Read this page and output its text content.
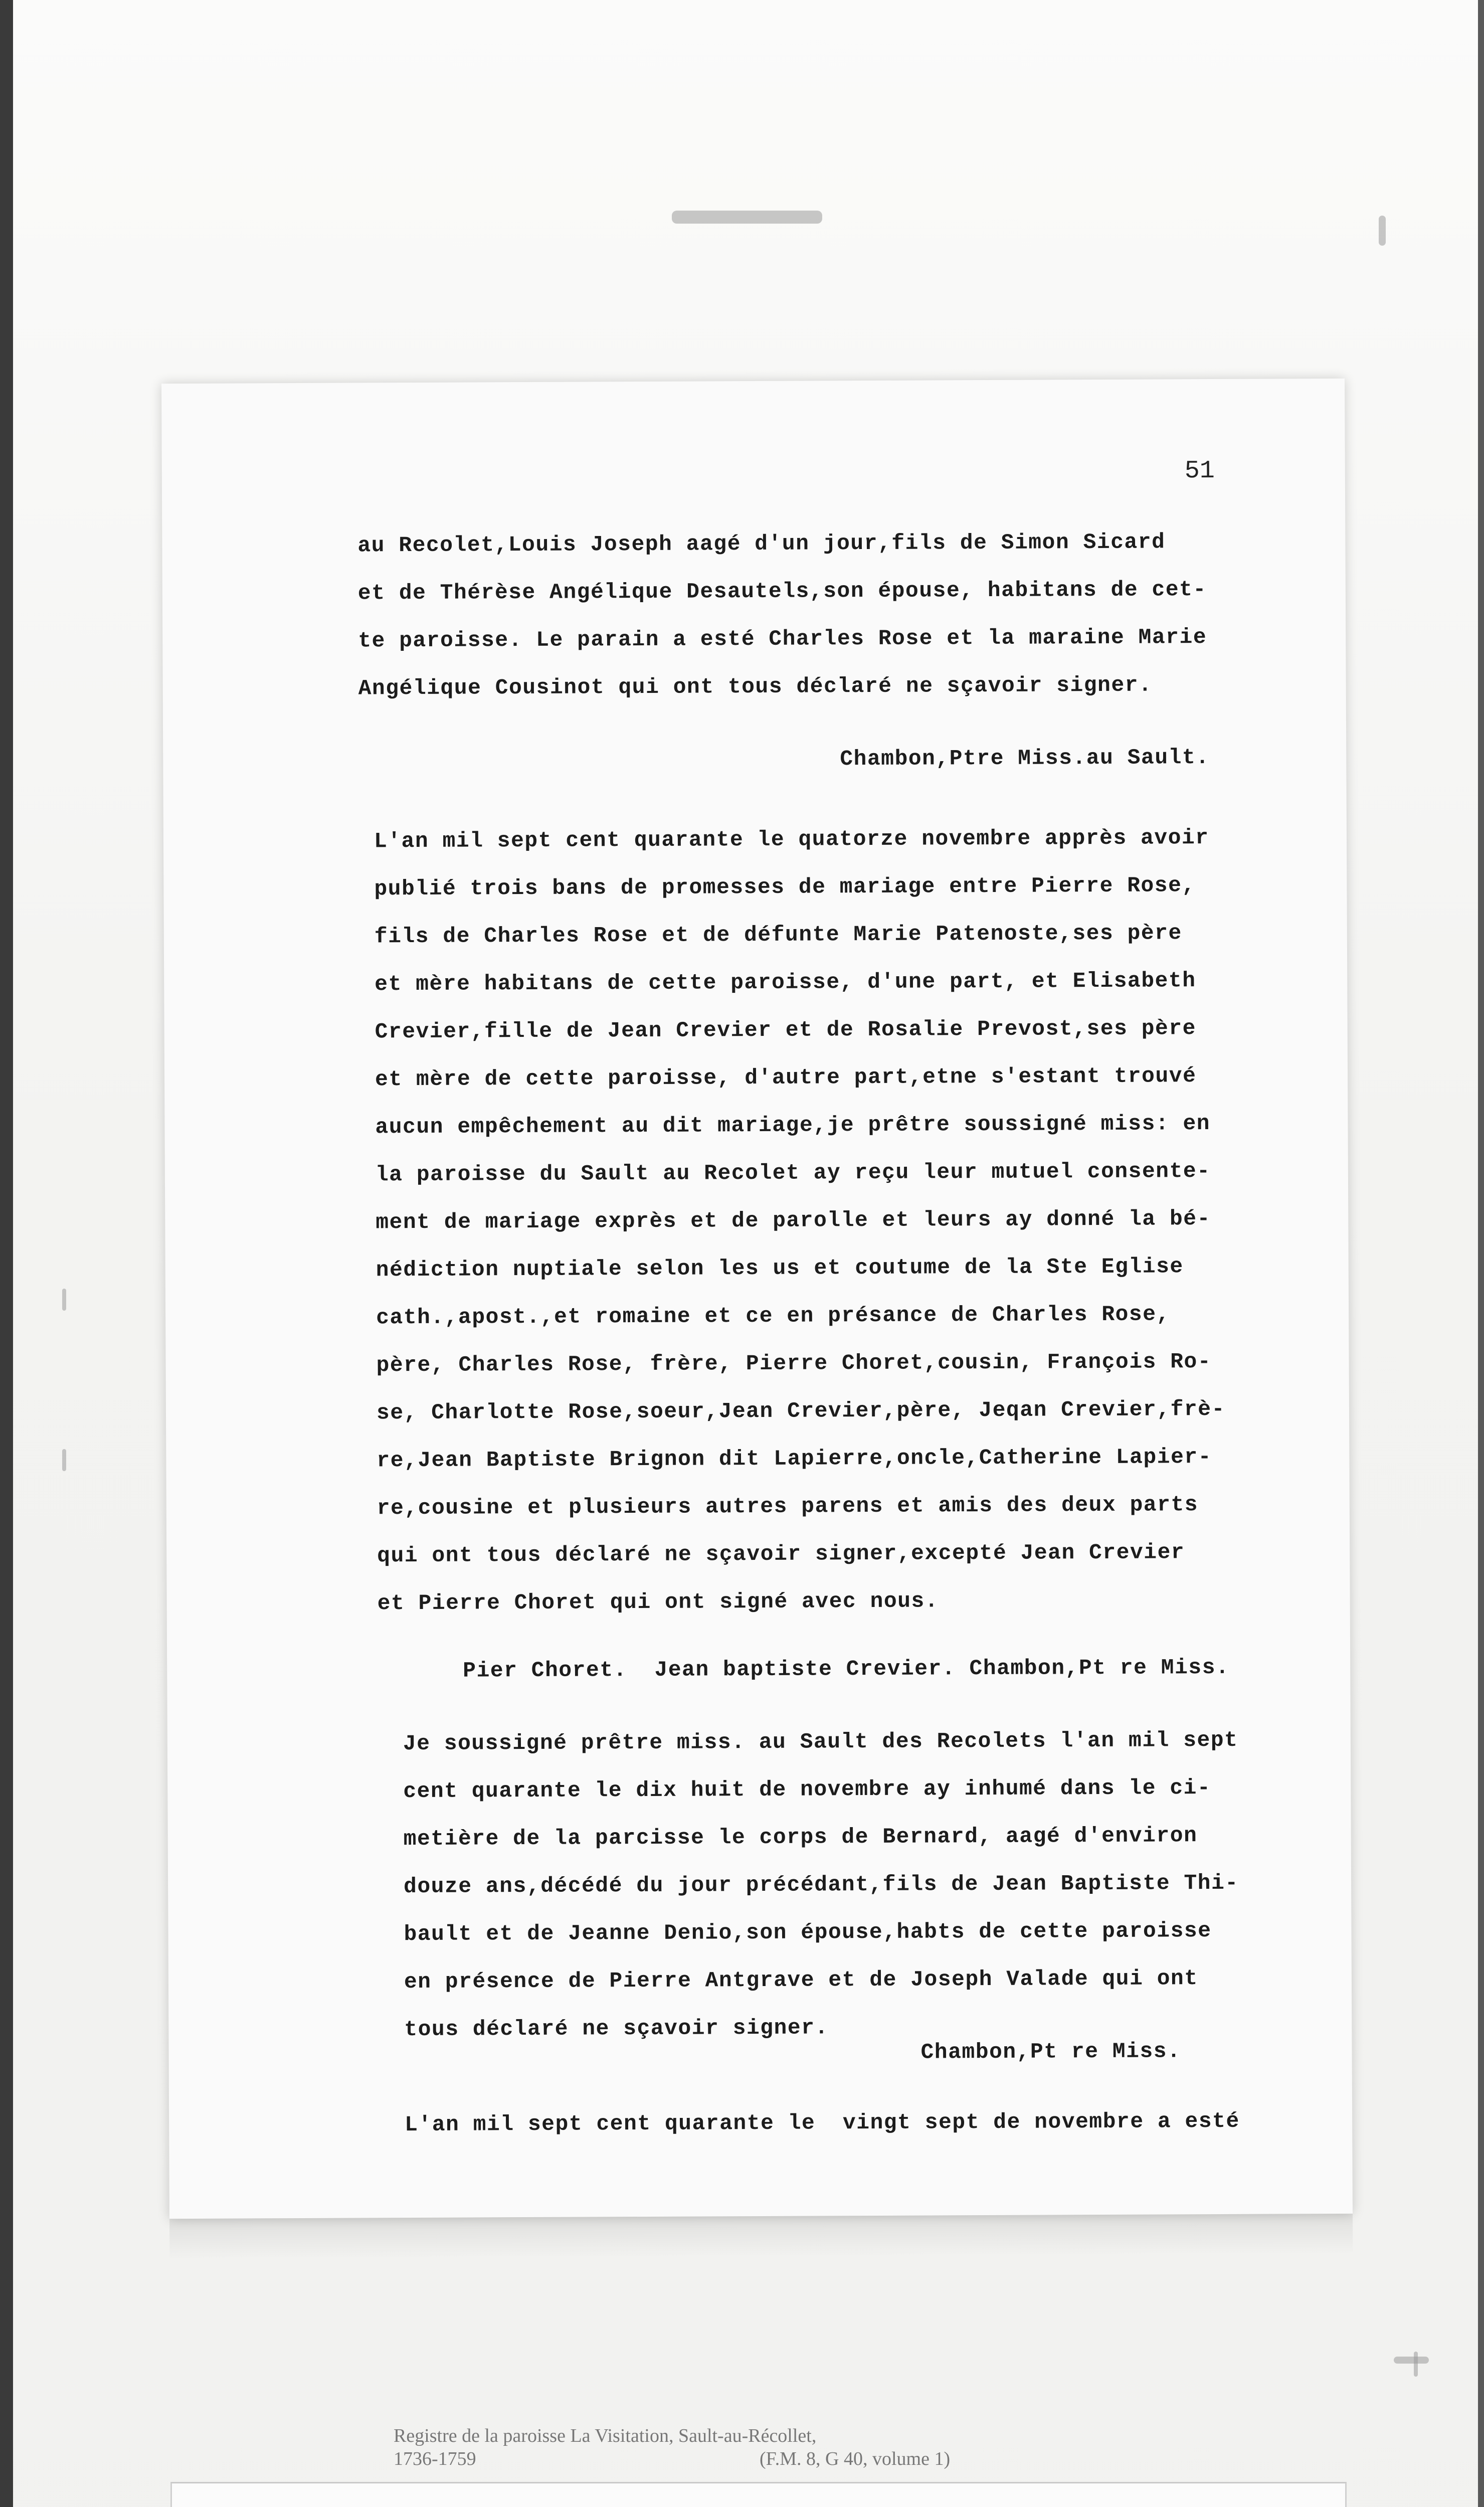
51
au Recolet,Louis Joseph aagé d'un jour,fils de Simon Sicard
et de Thérèse Angélique Desautels,son épouse, habitans de cet-
te paroisse. Le parain a esté Charles Rose et la maraine Marie
Angélique Cousinot qui ont tous déclaré ne sçavoir signer.
Chambon,Ptre Miss.au Sault.
L'an mil sept cent quarante le quatorze novembre apprès avoir
publié trois bans de promesses de mariage entre Pierre Rose,
fils de Charles Rose et de défunte Marie Patenoste,ses père
et mère habitans de cette paroisse, d'une part, et Elisabeth
Crevier,fille de Jean Crevier et de Rosalie Prevost,ses père
et mère de cette paroisse, d'autre part,etne s'estant trouvé
aucun empêchement au dit mariage,je prêtre soussigné miss: en
la paroisse du Sault au Recolet ay reçu leur mutuel consente-
ment de mariage exprès et de parolle et leurs ay donné la bé-
nédiction nuptiale selon les us et coutume de la Ste Eglise
cath.,apost.,et romaine et ce en présance de Charles Rose,
père, Charles Rose, frère, Pierre Choret,cousin, François Ro-
se, Charlotte Rose,soeur,Jean Crevier,père, Jeqan Crevier,frè-
re,Jean Baptiste Brignon dit Lapierre,oncle,Catherine Lapier-
re,cousine et plusieurs autres parens et amis des deux parts
qui ont tous déclaré ne sçavoir signer,excepté Jean Crevier
et Pierre Choret qui ont signé avec nous.
Pier Choret.  Jean baptiste Crevier. Chambon,Pt re Miss.
Je soussigné prêtre miss. au Sault des Recolets l'an mil sept
cent quarante le dix huit de novembre ay inhumé dans le ci-
metière de la parcisse le corps de Bernard, aagé d'environ
douze ans,décédé du jour précédant,fils de Jean Baptiste Thi-
bault et de Jeanne Denio,son épouse,habts de cette paroisse
en présence de Pierre Antgrave et de Joseph Valade qui ont
tous déclaré ne sçavoir signer.
Chambon,Pt re Miss.
L'an mil sept cent quarante le  vingt sept de novembre a esté
Registre de la paroisse La Visitation, Sault-au-Récollet,
1736-1759	(F.M. 8, G 40, volume 1)
